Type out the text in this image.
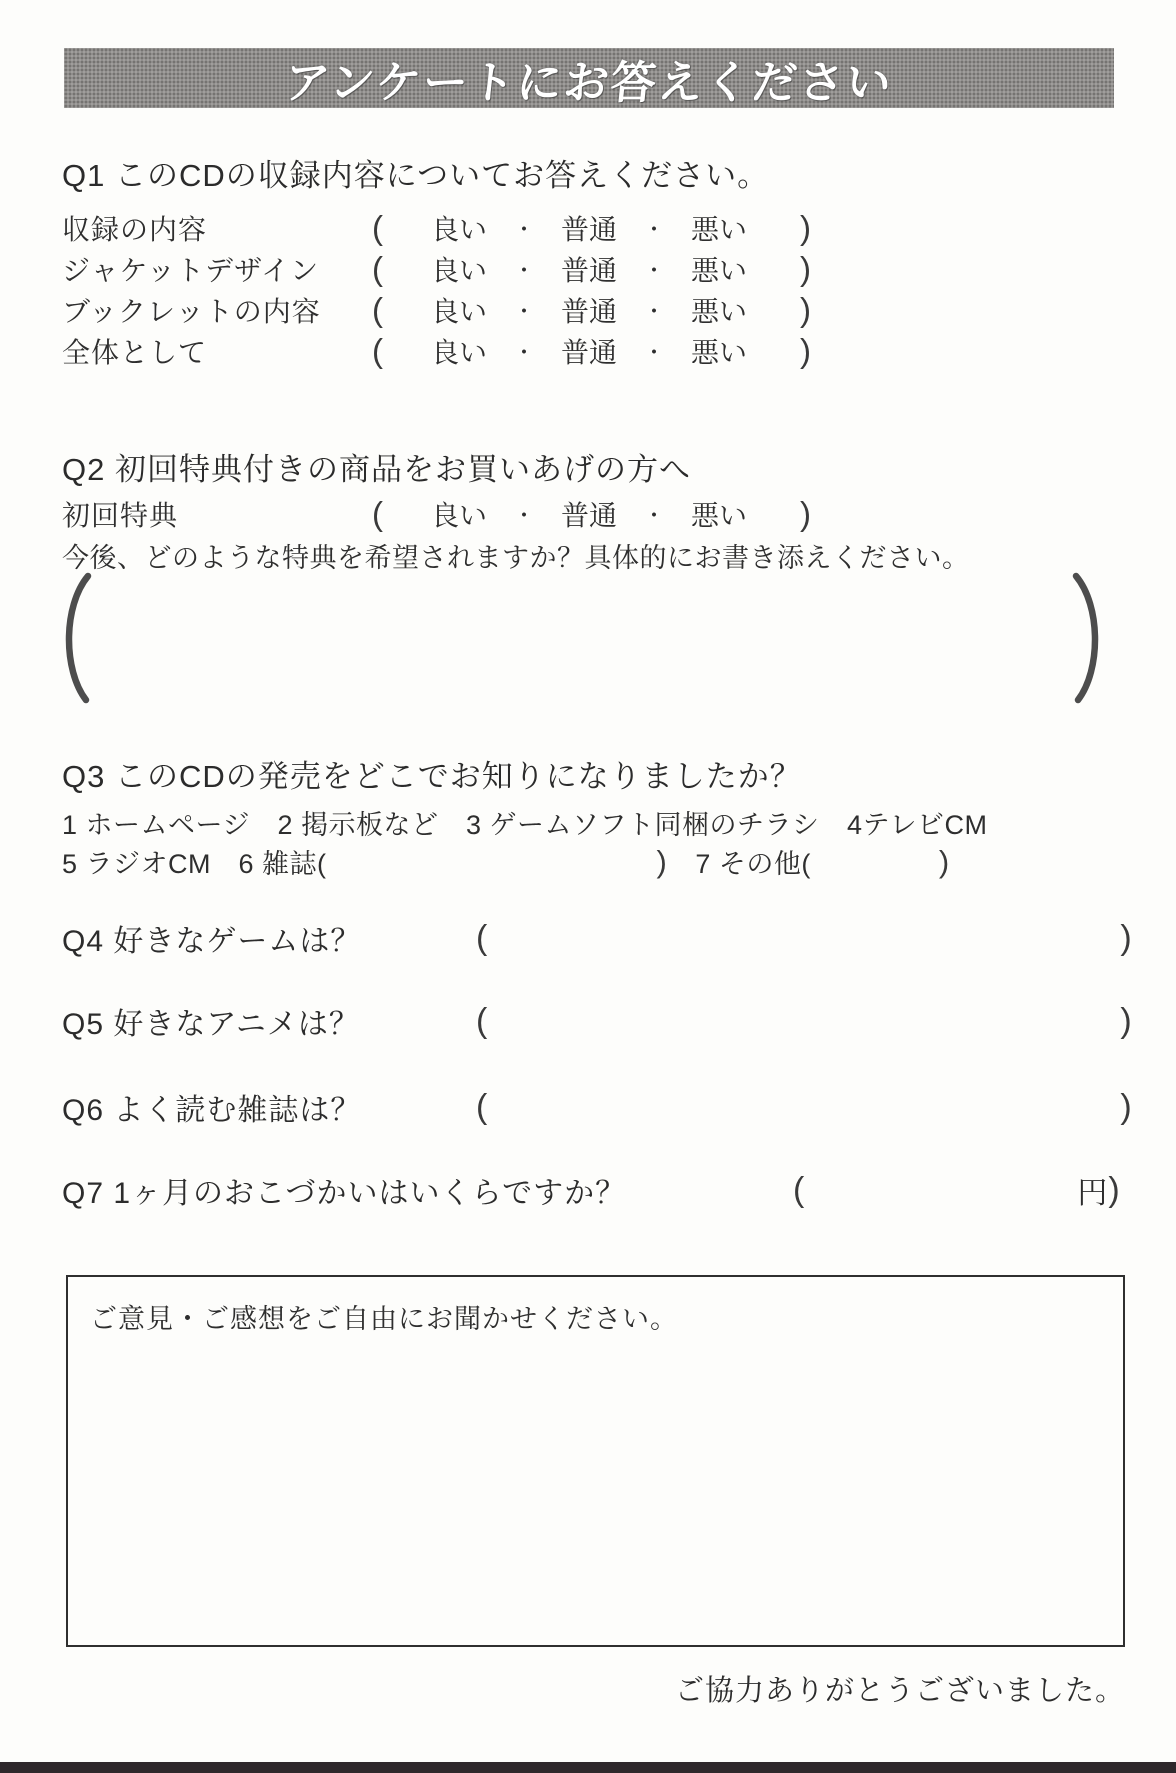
アンケートにお答えください
Q1 このCDの収録内容についてお答えください。
収録の内容	(	良い	・ 普通	・ 悪い	)
ジャケットデザイン	(	良い	・ 普通	・ 悪い	)
ブックレットの内容	(	良い	・ 普通	・ 悪い	)
全体として	(	良い	・ 普通	・ 悪い	)
Q2 初回特典付きの商品をお買いあげの方へ
初回特典	(	良い	・ 普通	・ 悪い	)
今後、どのような特典を希望されますか？具体的にお書き添えください。
Q3 このCDの発売をどこでお知りになりましたか？
1 ホームページ　2 掲示板など　3 ゲームソフト同梱のチラシ　4テレビCM
5 ラジオCM　6 雑誌(	) 7 その他(	)
Q4 好きなゲームは？	(	)
Q5 好きなアニメは？	(	)
Q6 よく読む雑誌は？	(	)
Q7 1ヶ月のおこづかいはいくらですか？	(	円 )
ご意見・ご感想をご自由にお聞かせください。
ご協力ありがとうございました。
